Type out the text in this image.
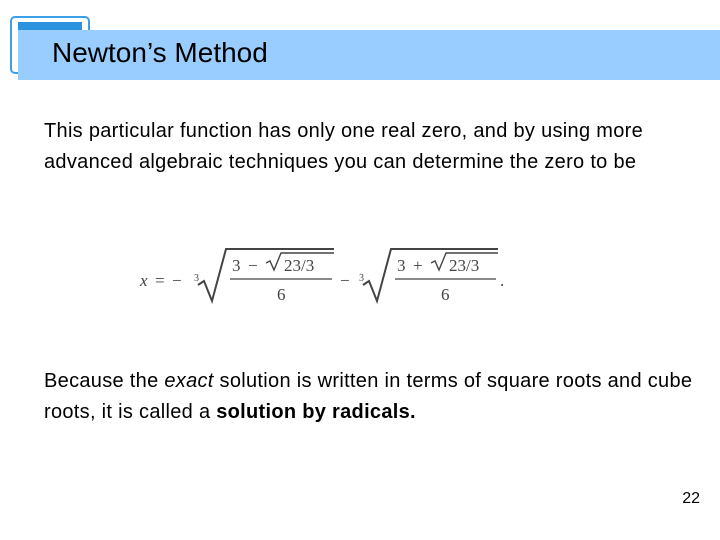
Newton’s Method
This particular function has only one real zero, and by using more advanced algebraic techniques you can determine the zero to be
x = − 3
3 − 23/3
6
− 3
3 + 23/3
6
.
Because the exact solution is written in terms of square roots and cube roots, it is called a solution by radicals.
22
